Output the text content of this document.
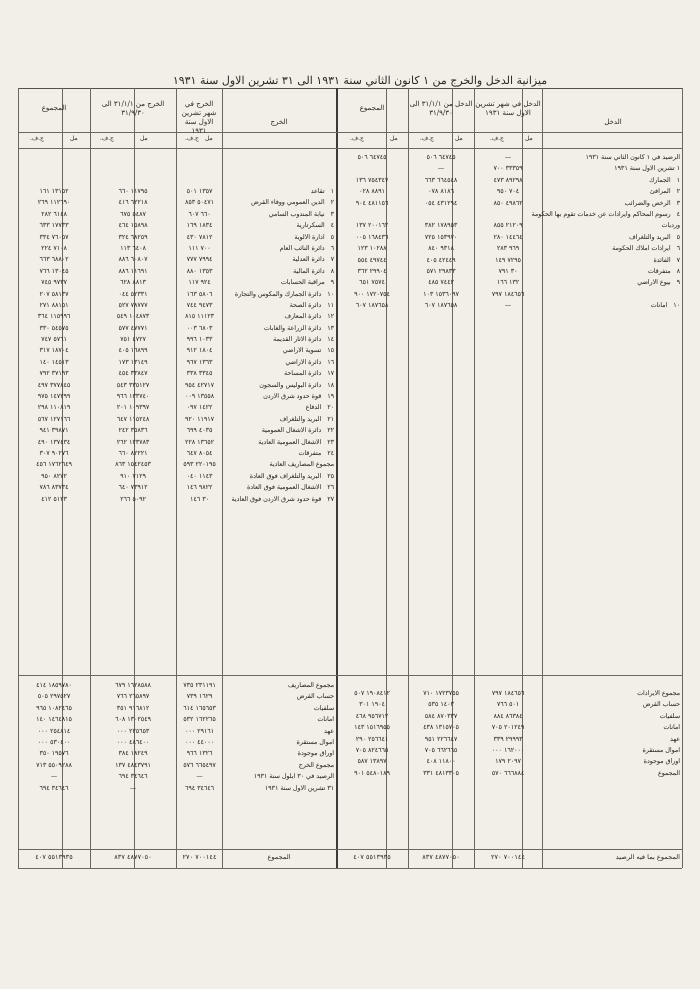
ميزانية الدخل والخرج من ١ كانون الثاني سنة ١٩٣١ الى ٣١ تشرين الاول سنة ١٩٣١
الدخل
الدخل في شهر تشرين الاول سنة ١٩٣١
الدخل من ٣١/١/١ الى ٣١/٩/٣٠
المجموع
الخرج
الخرج في شهر تشرين الاول سنة ١٩٣١
الخرج من ٣١/١/١ الى ٣١/٩/٣٠
المجموع
مل
ج.ف.
مل
ج.ف.
مل
ج.ف.
مل
ج.ف.
مل
ج.ف.
مل
ج.ف.
الرصيد في ١ كانون الثاني سنة ١٩٣١
١ تشرين الاول سنة ١٩٣١
١الجمارك
٢المرافئ
٣الرخص والضرائب
٤رسوم المحاكم وايرادات عن خدمات تقوم بها الحكومة
ورديات
٥البريد والتلغراف
٦ايرادات املاك الحكومة
٧الفائدة
٨متفرقات
٩بيوع الاراضي
١٠امانات
—
٣٣٣٥٩ ٧٠٠
٨٩٢٩٨ ٤٧٣
٧٠٤ ٩٥٠
٤٩٨٦٢ ٨٥٠
٢١٢٠٩ ٨٥٥
١٤٤٦٤ ٢٨٠
٩٦٩ ٢٨٣
٧٢٩٥ ١٤٩
٣٠ ٧٩١
١٣٢ ١٦٦
١٨٤٦٥٦ ٧٩٧
—
٦٤٧٤٥ ٥٠٦
—
٦٦٤٥٤٨ ٦٦٣
٨١٨٦ ٠٧٨
٤٣١٢٩٤ ٠٥٤
١٧٨٩٥٣ ٣٨٢
١٥٣٩٧٠ ٧٢٥
٩٣١٨ ٨٤٠
٤٢٤٤٩ ٤٠٥
٢٩٨٣٣ ٥٧١
٧٤٤٢ ٤٨٥
١٥٣٦٠٩٧ ١٠٣
١٨٧٦٥٨ ٦٠٧
٦٤٧٤٥ ٥٠٦
٧٥٤٣٤٧ ١٣٦
٨٨٩١ ٠٢٨
٤٨١١٥٦ ٩٠٤
٢٠٠١٦٢ ١٣٧
١٦٨٤٣٦ ٠٠٥
١٠٢٨٨ ١٢٣
٤٩٧٤٤ ٥٥٤
٢٩٩٠٤ ٣٦٢
٧٥٧٤ ٦٥١
١٧٢٠٧٥٤ ٩٠٠
١٨٧٦٥٨ ٦٠٧
١تقاعد
٢الدين العمومي ووفاء القرض
٣نيابة المندوب السامي
٤السكرتارية
٥ادارة الالوية
٦دائرة النائب العام
٧دائرة العدلية
٨دائرة المالية
٩مراقبة الحسابات
١٠دائرة الجمارك والمكوس والتجارة
١١دائرة الصحة
١٢دائرة المعارف
١٣دائرة الزراعة والغابات
١٤دائرة الاثار القديمة
١٥تسوية الاراضي
١٦دائرة الاراضي
١٧دائرة المساحة
١٨دائرة البوليس والسجون
١٩قوة حدود شرق الاردن
٢٠الدفاع
٢١البريد والتلغراف
٢٢دائرة الاشغال العمومية
٢٣الاشغال العمومية العادية
٢٤متفرقات
مجموع المصاريف العادية
٢٥البريد والتلغراف فوق العادة
٢٦الاشغال العمومية فوق العادة
٢٧قوة حدود شرق الاردن فوق العادية
١٣٥٧ ٥٠١
٥٠٤٧١ ٨٥٣
٦٦٠ ٦٠٧
١٨٣٤ ١٦٩
٧٨١٢ ٤٣٠
٧٠٠ ١١١
٧٩٩٤ ٧٧٧
١٣٥٣ ٨٨٠
٩٢٤ ١١٧
٥٨٠٦ ١٦٣
٩٤٧٣ ٧٤٤
١١١٢٣ ٨١٥
٦٨٠٣ ٠٠٣
١٠٣٣ ٩٩٦
١٨٠٤ ٩١٢
١٣٦٣ ٩٦٧
٣٣٤٥ ٣٣٨
٤٢٧١٧ ٩٥٤
١٣٥٥٨ ٠٠٩
١٤٢٢ ٠٩٧
١١٩١٧ ٩٢٠
٤٠٣٥ ٦٩٩
١٣٦٥٢ ٢٢٨
٨٠٥٤ ٦٤٧
٢٢٠١٩٥ ٥٩٣
١١٤٣ ٠٤٠
٩٨٢٢ ١٤٦
٣٠ ١٤٦
١١٧٩٥ ٦٦٠
٦٢٢١٨ ٤١٦
٥٤٨٧ ٦٧٥
١٥٨٩٨ ٤٦٤
٦٨٢٥٩ ٣٢٤
٦٤٠٨ ١١٣
٦٠٨٠٧ ٨٨٦
١١٦٩١ ٨٨٦
٨٨١٣ ٦٢٨
٥٢٣٣١ ٠٤٤
٧٨٧٧٧ ٥٢٧
١٠٤٨٧٣ ٥٤٩
٤٧٧٧١ ٥٧٧
٤٧٢٧ ٧٥١
١٦٨٩٩ ٤٠٥
١٣١٤٩ ١٧٣
٣٣٨٤٧ ٤٥٤
٣٣٥١٢٧ ٥٤٣
١٣٣٧٤٠ ٩٦٦
١٠٩٣٩٧ ٢٠١
١١٥٢٤٨ ٦٤٧
٣٥٨٣٦ ٢٤٢
١٢٣٧٨٣ ٢٦٢
٨٢٢٢١ ٦٦٠
١٥٤٢٤٥٣ ٨٦٣
٧١٢٩ ٩١٠
٧٣٩١٢ ٦٤٠
٥٠٩٢ ٢٦٦
١٣١٥٢ ١٦١
١١٢٦٩٠ ٢٦٩
٦١٤٨ ٢٨٢
١٧٧٣٣ ٦٣٣
٧٦٠٥٧ ٣٣٤
٧١٠٨ ٢٢٤
٦٨٨٠٢ ٦٦٣
١٣٠٤٥ ٧٦٦
٩٧٣٧ ٧٤٥
٥٨١٣٧ ٢٠٧
٨٨١٥١ ٢٧١
١١٥٩٩٦ ٣٦٤
٥٤٥٧٥ ٣٣٠
٥٧٦١ ٧٤٧
١٨٧٠٤ ٣١٧
١٤٥١٣ ١٤٠
٣٧١٩٣ ٧٩٢
٣٧٧٨٤٥ ٤٩٧
١٤٧٢٩٩ ٩٧٥
١١٠٨١٩ ٢٩٨
١٢٧١٦٦ ٥٦٧
٣٩٨٧١ ٩٤١
١٣٧٤٣٤ ٤٩٠
٩٠٢٧٦ ٣٠٧
١٧٦٢٦٤٩ ٤٥٦
٨٢٧٢ ٩٥٠
٨٣٧٣٤ ٧٨٦
٥١٢٣ ٤١٢
مجموع الايرادات
حساب القرض
سلفيات
امانات
عهد
اموال مستقرة
اوراق موجودة
المجموع
١٨٤٦٥٦ ٧٩٧
٥٠١ ٧٦٦
٨٦٣٨٤ ٨٨٤
٢٠١٢٤٩ ٧٠٥
٢٩٩٩٣ ٣٣٩
١٦٢٠٠٠ ٠٠٠
٢٠٩٧ ١٧٩
٦٦٦٨٨٤ ٥٧٠
١٧٢٣٧٥٥ ٧١٠
١٤٠٣ ٥٣٥
٨٧٠٣٣٧ ٥٨٤
١٣١٥٧٠٥ ٤٣٨
٢٢٦٦٤٧ ٩٥١
٦٦٢٦٦٥ ٧٠٥
١١٨٠٠ ٤٠٨
٤٨١٣٣٠٥ ٣٣١
١٩٠٨٤١٢ ٥٠٧
١٩٠٤ ٣٠١
٩٥٦٧١٢ ٤٦٨
١٥١٦٩٥٥ ١٤٣
٢٥٦٦٤١ ٢٩٠
٨٢٤٦٦٥ ٧٠٥
١٣٨٩٧ ٥٨٧
٥٤٨٠١٨٩ ٩٠١
مجموع المصاريف
حساب القرض
سلفيات
امانات
عهد
اموال مستقرة
اوراق موجودة
مجموع الخرج
الرصيد في ٣٠ ايلول سنة ١٩٣١
٣١ تشرين الاول سنة ١٩٣١
٢٣١١٩١ ٧٣٥
١٦٢٩ ٧٣٩
١٦٥٦٥٣ ٦١٤
١٦٢٢٦٥ ٥٣٢
٢٩١٦١ ٠٠٠
٤٤٠٠٠ ٠٠٠
١٣٢٦ ٩٦٦
٦٦٥٤٩٧ ٥٧٦
—
٣٤٦٤٦ ٦٩٤
١٦٢٨٥٨٨ ٦٧٩
٢٦٥٨٩٧ ٧٦٦
٩١٦٨١٢ ٣٥١
١٣٠٢٥٤٩ ٦٠٨
٢٢٥٦٥٣ ٠٠٠
٤٨٦٤٠٠ ٠٠٠
١٨٢٤٩ ٣٨٤
٤٨٤٣٧٩١ ١٣٧
٣٤٦٤٦ ٦٩٤
—
١٨٥٩٧٨٠ ٤١٤
٢٩٧٥٢٧ ٥٠٥
١٠٨٢٤٦٥ ٩٦٥
١٤٦٤٨١٥ ١٤٠
٢٥٤٨١٤ ٠٠٠
٥٣٠٤٠٠ ٠٠٠
١٩٥٧٦ ٣٥٠
٥٥٠٩٢٨٨ ٧١٣
—
٣٤٦٤٦ ٦٩٤
المجموع بما فيه الرصيد
٧٠٠١٤٤ ٢٧٠
٤٨٧٧٠٥٠ ٨٣٧
٥٥١٣٩٣٥ ٤٠٧
المجموع
٧٠٠١٤٤ ٢٧٠
٤٨٧٧٠٥٠ ٨٣٧
٥٥١٣٩٣٥ ٤٠٧
